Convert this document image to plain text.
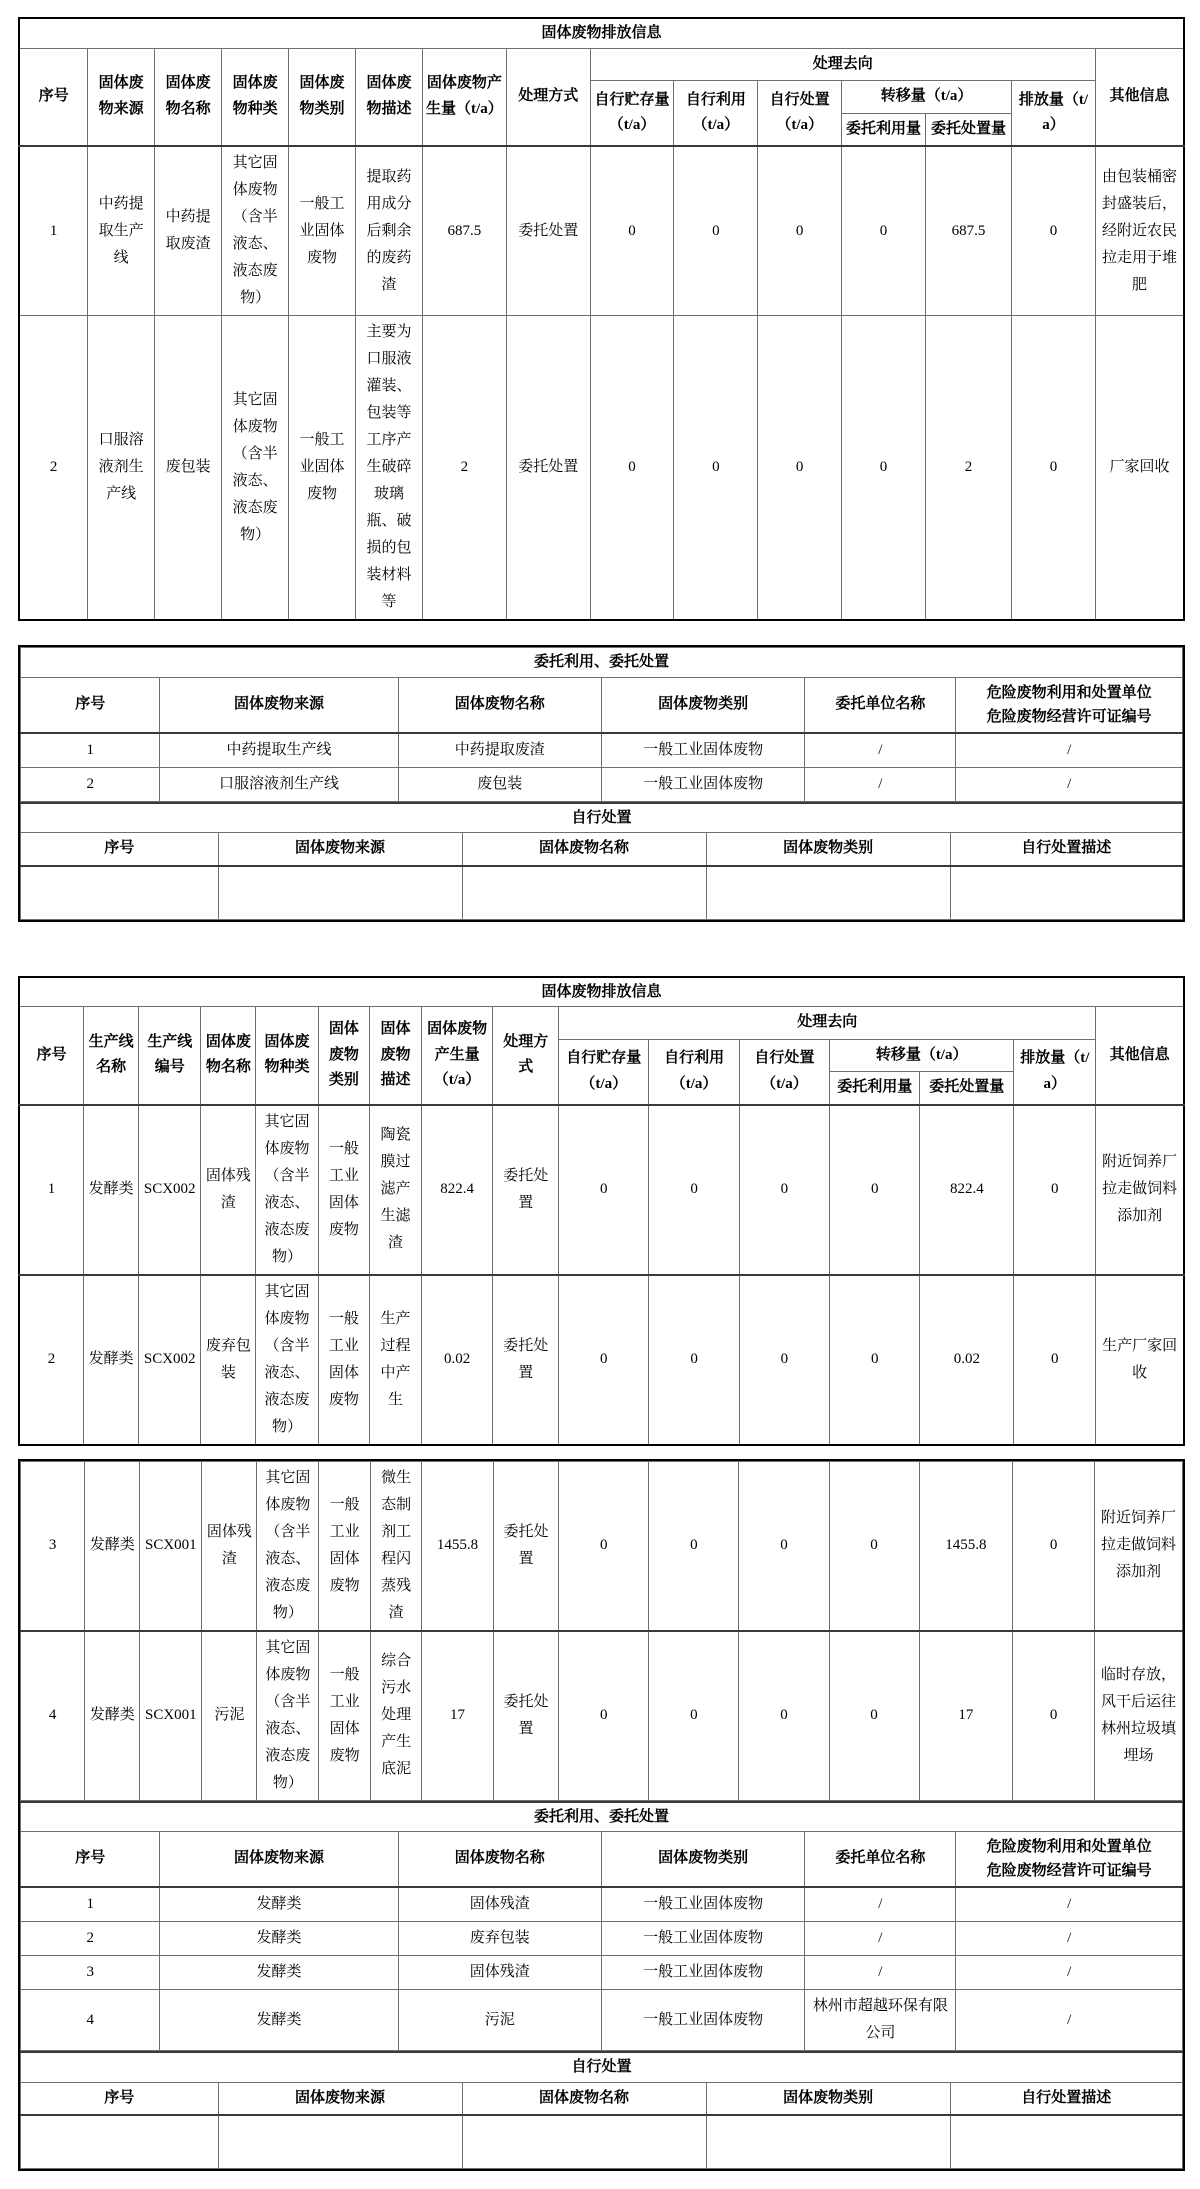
固体废物排放信息														
序号	固体废物来源	固体废物名称	固体废物种类	固体废物类别	固体废物描述	固体废物产生量（t/a）	处理方式	处理去向						其他信息
								自行贮存量（t/a）	自行利用（t/a）	自行处置（t/a）	转移量（t/a）		排放量（t/a）	
											委托利用量	委托处置量		
1	中药提取生产线	中药提取废渣	其它固体废物（含半液态、液态废物）	一般工业固体废物	提取药用成分后剩余的废药渣	687.5	委托处置	0	0	0	0	687.5	0	由包装桶密封盛装后，经附近农民拉走用于堆肥
2	口服溶液剂生产线	废包装	其它固体废物（含半液态、液态废物）	一般工业固体废物	主要为口服液灌装、包装等工序产生破碎玻璃瓶、破损的包装材料等	2	委托处置	0	0	0	0	2	0	厂家回收
委托利用、委托处置					
序号	固体废物来源	固体废物名称	固体废物类别	委托单位名称	危险废物利用和处置单位
危险废物经营许可证编号

1	中药提取生产线	中药提取废渣	一般工业固体废物	/	/
2	口服溶液剂生产线	废包装	一般工业固体废物	/	/
自行处置				
序号	固体废物来源	固体废物名称	固体废物类别	自行处置描述

固体废物排放信息															
序号	生产线名称	生产线编号	固体废物名称	固体废物种类	固体废物类别	固体废物描述	固体废物产生量（t/a）	处理方式	处理去向						其他信息
									自行贮存量（t/a）	自行利用（t/a）	自行处置（t/a）	转移量（t/a）		排放量（t/a）	
												委托利用量	委托处置量		
1	发酵类	SCX002	固体残渣	其它固体废物（含半液态、液态废物）	一般工业固体废物	陶瓷膜过滤产生滤渣	822.4	委托处置	0	0	0	0	822.4	0	附近饲养厂拉走做饲料添加剂
2	发酵类	SCX002	废弃包装	其它固体废物（含半液态、液态废物）	一般工业固体废物	生产过程中产生	0.02	委托处置	0	0	0	0	0.02	0	生产厂家回收
3	发酵类	SCX001	固体残渣	其它固体废物（含半液态、液态废物）	一般工业固体废物	微生态制剂工程闪蒸残渣	1455.8	委托处置	0	0	0	0	1455.8	0	附近饲养厂拉走做饲料添加剂
4	发酵类	SCX001	污泥	其它固体废物（含半液态、液态废物）	一般工业固体废物	综合污水处理产生底泥	17	委托处置	0	0	0	0	17	0	临时存放，风干后运往林州垃圾填埋场
委托利用、委托处置					
序号	固体废物来源	固体废物名称	固体废物类别	委托单位名称	危险废物利用和处置单位
危险废物经营许可证编号

1	发酵类	固体残渣	一般工业固体废物	/	/
2	发酵类	废弃包装	一般工业固体废物	/	/
3	发酵类	固体残渣	一般工业固体废物	/	/
4	发酵类	污泥	一般工业固体废物	林州市超越环保有限公司	/
自行处置				
序号	固体废物来源	固体废物名称	固体废物类别	自行处置描述
